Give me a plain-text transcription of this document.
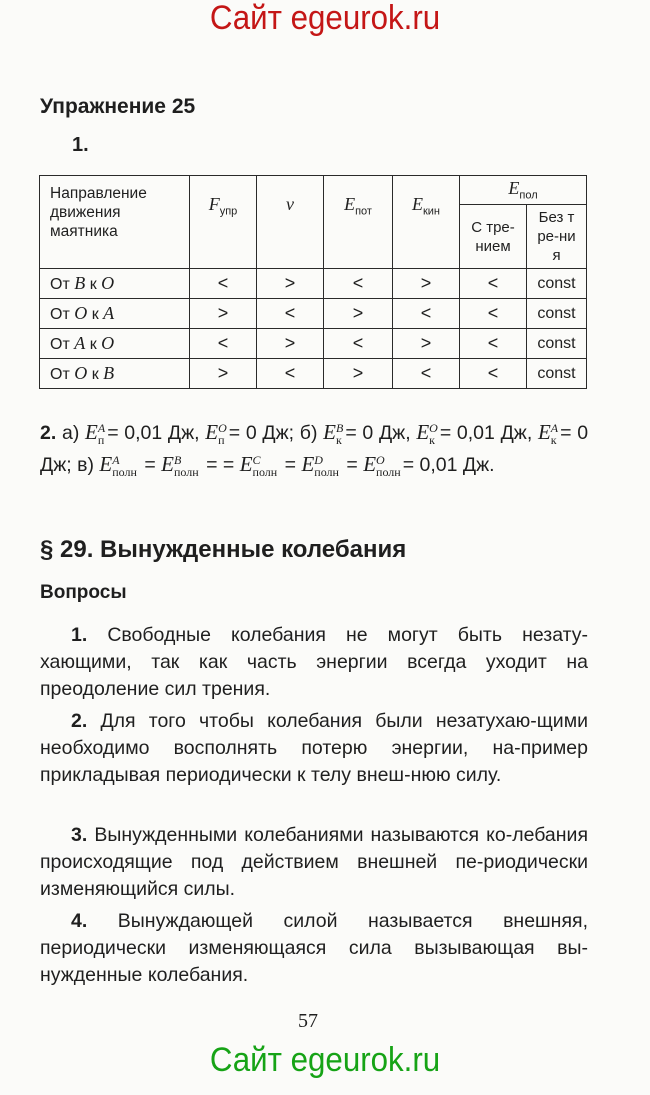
Сайт egeurok.ru
Упражнение 25
1.
Направление движения маятника	$F_{упр}$	v	$E_{пот}$	$E_{кин}$	$E_{пол}$

					С тре-нием	Без тре-ния

От B к O	<	>	<	>	<	const
От O к A	>	<	>	<	<	const
От A к O	<	>	<	>	<	const
От O к B	>	<	>	<	<	const
2. а) E A
п = 0,01 Дж, E O
п = 0 Дж; б) E B
к = 0 Дж, E O
к = 0,01 Дж, E A
к = 0 Дж; в) E A
полн = E B
полн = = E C
полн = E D
полн = E O
полн = 0,01 Дж.
§ 29. Вынужденные колебания
Вопросы
1. Свободные колебания не могут быть незату-хающими, так как часть энергии всегда уходит на преодоление сил трения.
2. Для того чтобы колебания были незатухаю-щими необходимо восполнять потерю энергии, на-пример прикладывая периодически к телу внеш-нюю силу.
3. Вынужденными колебаниями называются ко-лебания происходящие под действием внешней пе-риодически изменяющийся силы.
4. Вынуждающей силой называется внешняя, периодически изменяющаяся сила вызывающая вы-нужденные колебания.
57
Сайт egeurok.ru
